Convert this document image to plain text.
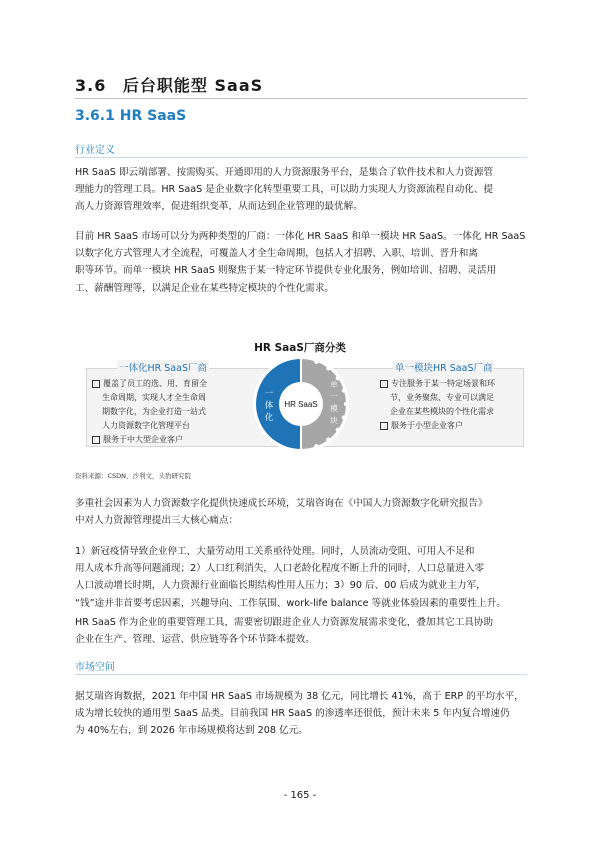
3.6 后台职能型 SaaS
3.6.1 HR SaaS
行业定义
HR SaaS 即云端部署、按需购买、开通即用的人力资源服务平台，是集合了软件技术和人力资源管
理能力的管理工具。HR SaaS 是企业数字化转型重要工具，可以助力实现人力资源流程自动化、提
高人力资源管理效率，促进组织变革，从而达到企业管理的最优解。
目前 HR SaaS 市场可以分为两种类型的厂商：一体化 HR SaaS 和单一模块 HR SaaS。一体化 HR SaaS
以数字化方式管理人才全流程，可覆盖人才全生命周期，包括人才招聘、入职、培训、晋升和离
职等环节。而单一模块 HR SaaS 则聚焦于某一特定环节提供专业化服务，例如培训、招聘、灵活用
工、薪酬管理等，以满足企业在某些特定模块的个性化需求。
HR SaaS厂商分类
一体化HR SaaS厂商
覆盖了员工的选、用、育留全
生命周期，实现人才全生命周
期数字化，为企业打造一站式
人力资源数字化管理平台
服务于中大型企业客户
单一模块HR SaaS厂商
专注服务于某一特定场景和环
节，业务聚焦、专业可以满足
企业在某些模块的个性化需求
服务于小型企业客户
HR SaaS
一
体
化
单
一
模
块
资料来源：CSDN，沙利文，头豹研究院
多重社会因素为人力资源数字化提供快速成长环境，艾瑞咨询在《中国人力资源数字化研究报告》
中对人力资源管理提出三大核心痛点：
1）新冠疫情导致企业停工，大量劳动用工关系亟待处理。同时，人员流动受阻、可用人不足和
用人成本升高等问题涌现；2）人口红利消失，人口老龄化程度不断上升的同时，人口总量进入零
人口波动增长时期，人力资源行业面临长期结构性用人压力；3）90 后、00 后成为就业主力军，
“钱”途并非首要考虑因素，兴趣导向、工作氛围、work-life balance 等就业体验因素的重要性上升。
HR SaaS 作为企业的重要管理工具，需要密切跟进企业人力资源发展需求变化，叠加其它工具协助
企业在生产、管理、运营、供应链等各个环节降本提效。
市场空间
据艾瑞咨询数据，2021 年中国 HR SaaS 市场规模为 38 亿元，同比增长 41%，高于 ERP 的平均水平，
成为增长较快的通用型 SaaS 品类。目前我国 HR SaaS 的渗透率还很低，预计未来 5 年内复合增速仍
为 40%左右，到 2026 年市场规模将达到 208 亿元。
- 165 -
